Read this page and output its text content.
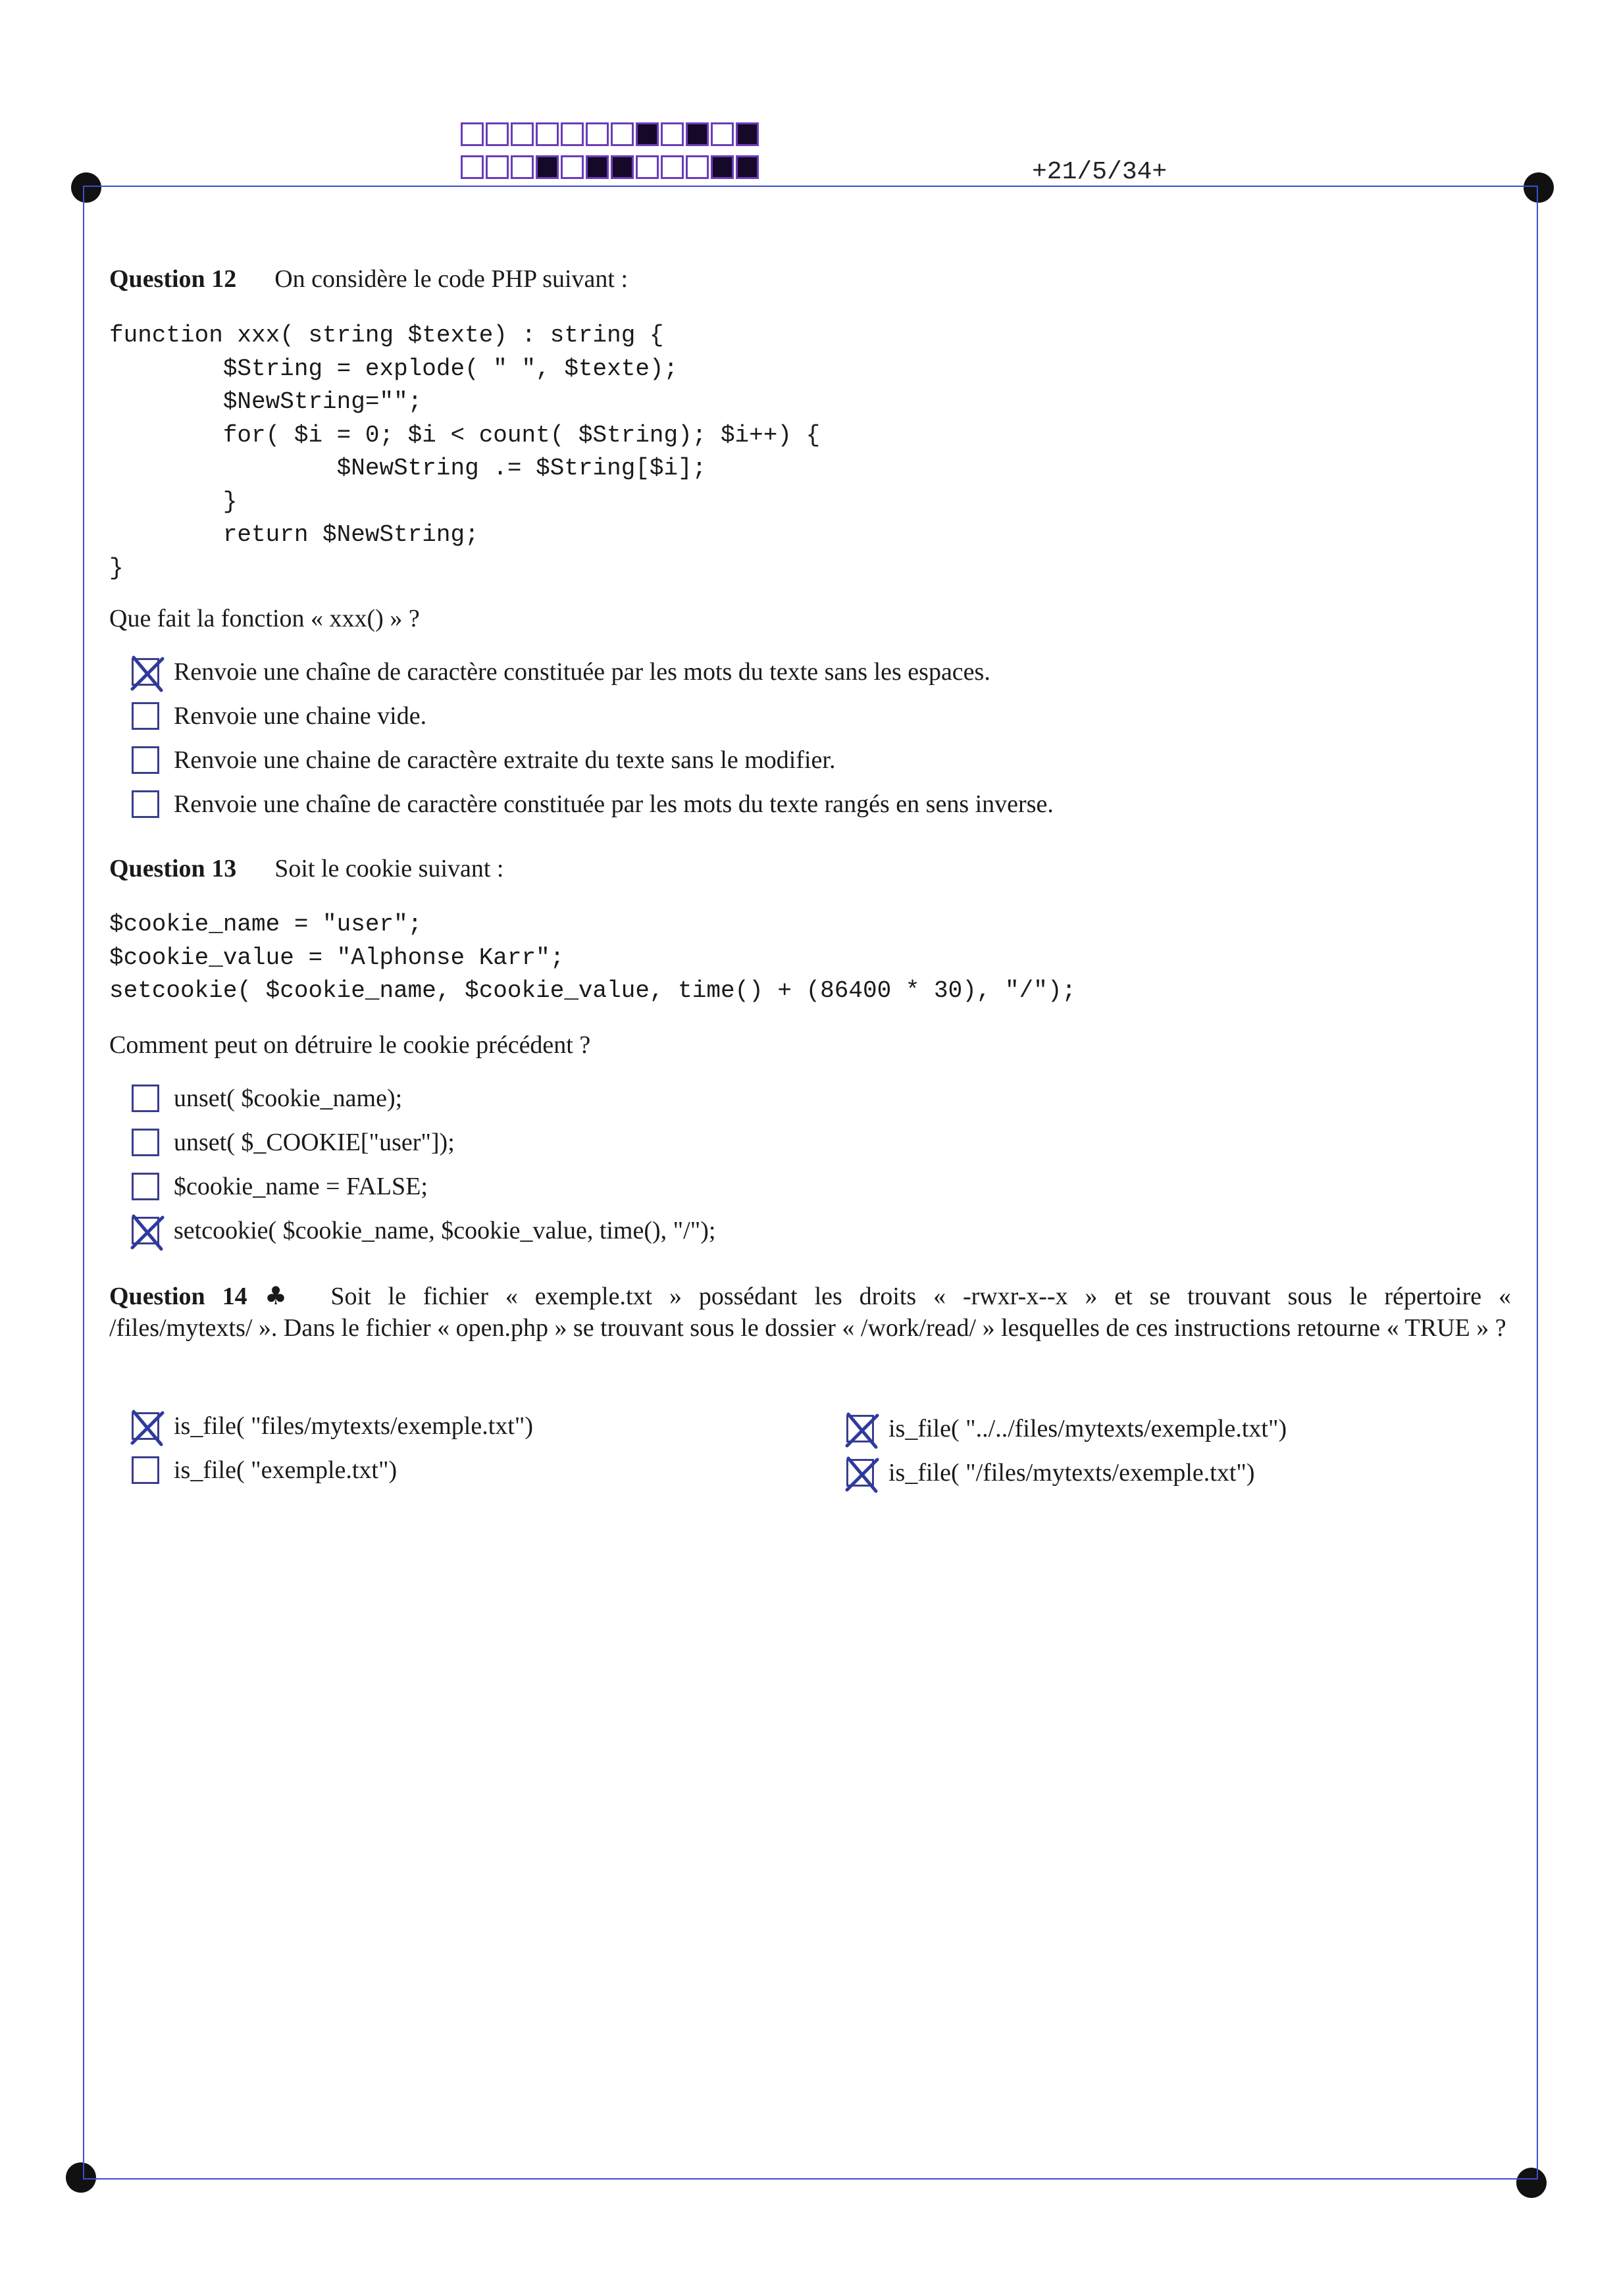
+21/5/34+
Question 12 On considère le code PHP suivant :
function xxx( string $texte) : string {
$String = explode( " ", $texte);
$NewString="";
for( $i = 0; $i < count( $String); $i++) {
$NewString .= $String[$i];
}
return $NewString;
}
Que fait la fonction « xxx() » ?
Renvoie une chaîne de caractère constituée par les mots du texte sans les espaces.
Renvoie une chaine vide.
Renvoie une chaine de caractère extraite du texte sans le modifier.
Renvoie une chaîne de caractère constituée par les mots du texte rangés en sens inverse.
Question 13 Soit le cookie suivant :
$cookie_name = "user";
$cookie_value = "Alphonse Karr";
setcookie( $cookie_name, $cookie_value, time() + (86400 * 30), "/");
Comment peut on détruire le cookie précédent ?
unset( $cookie_name);
unset( $_COOKIE["user"]);
$cookie_name = FALSE;
setcookie( $cookie_name, $cookie_value, time(), "/");
Question 14 ♣ Soit le fichier « exemple.txt » possédant les droits « -rwxr-x--x » et se trouvant sous le répertoire «
/files/mytexts/ ». Dans le fichier « open.php » se trouvant sous le dossier « /work/read/ » lesquelles de ces instructions retourne « TRUE » ?
is_file( "files/mytexts/exemple.txt")
is_file( "exemple.txt")
is_file( "../../files/mytexts/exemple.txt")
is_file( "/files/mytexts/exemple.txt")
